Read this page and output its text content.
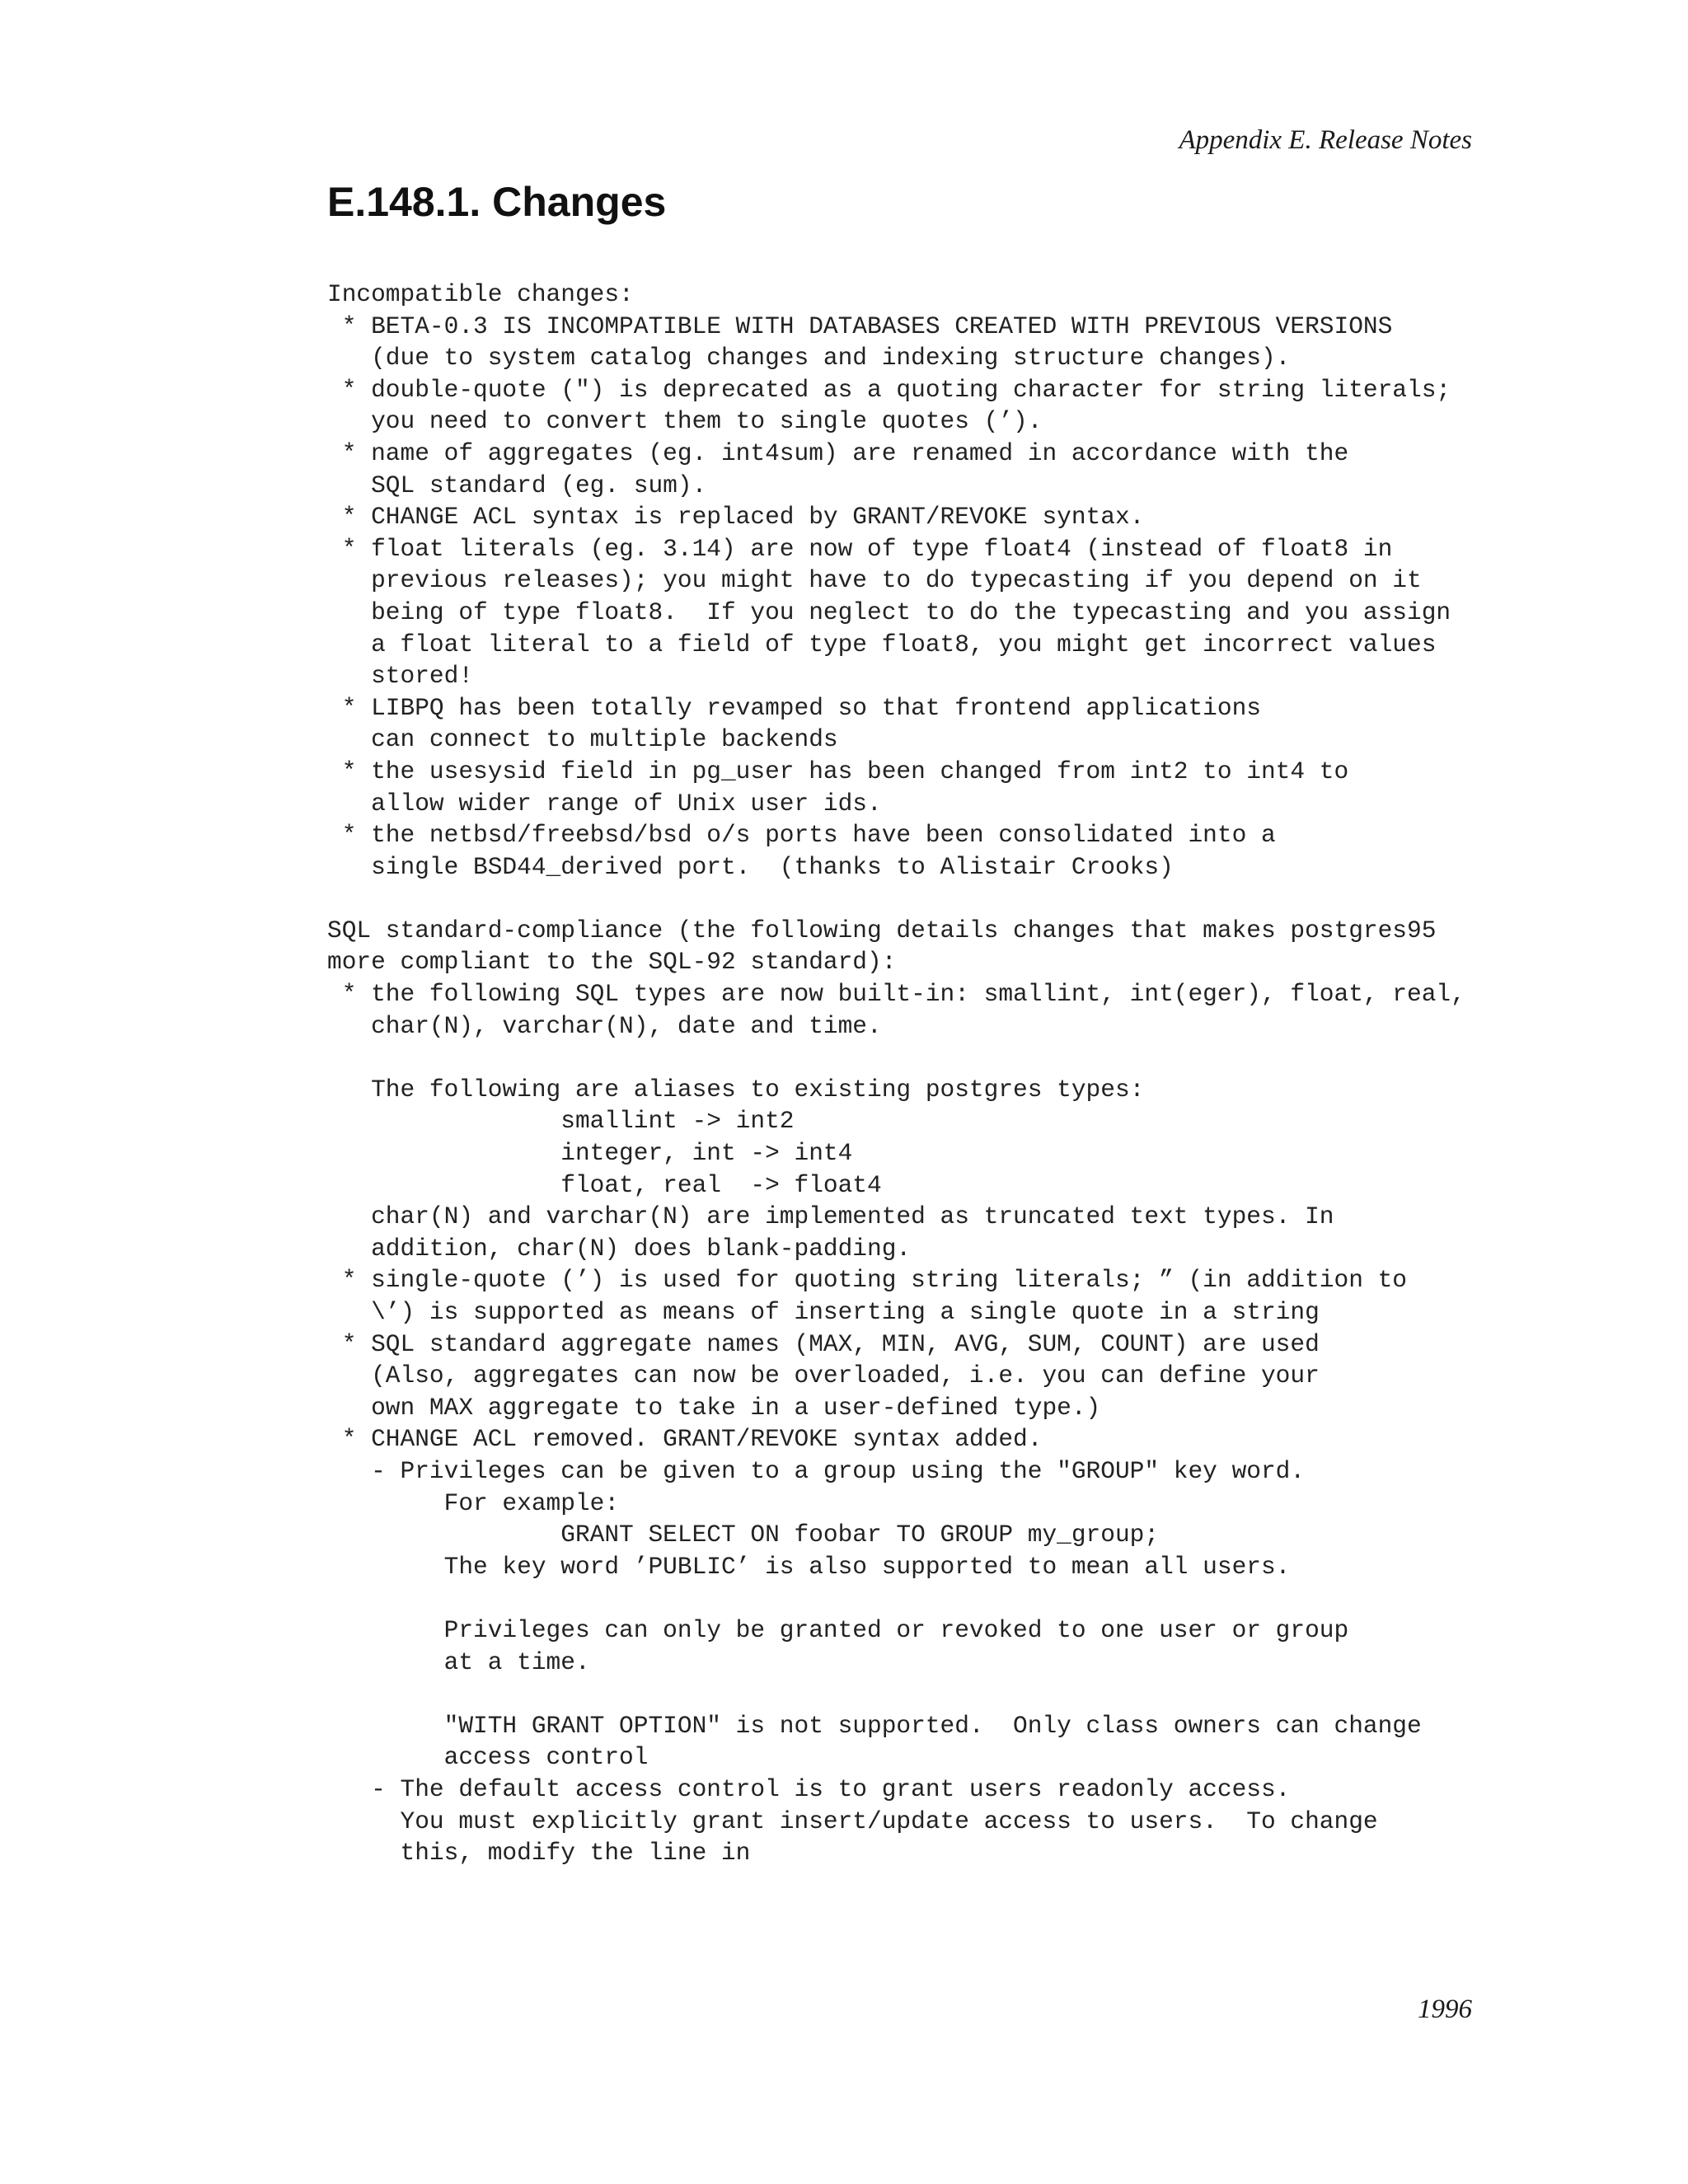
Appendix E. Release Notes
E.148.1. Changes
Incompatible changes:
* BETA-0.3 IS INCOMPATIBLE WITH DATABASES CREATED WITH PREVIOUS VERSIONS
(due to system catalog changes and indexing structure changes).
* double-quote (") is deprecated as a quoting character for string literals;
you need to convert them to single quotes (’).
* name of aggregates (eg. int4sum) are renamed in accordance with the
SQL standard (eg. sum).
* CHANGE ACL syntax is replaced by GRANT/REVOKE syntax.
* float literals (eg. 3.14) are now of type float4 (instead of float8 in
previous releases); you might have to do typecasting if you depend on it
being of type float8.  If you neglect to do the typecasting and you assign
a float literal to a field of type float8, you might get incorrect values
stored!
* LIBPQ has been totally revamped so that frontend applications
can connect to multiple backends
* the usesysid field in pg_user has been changed from int2 to int4 to
allow wider range of Unix user ids.
* the netbsd/freebsd/bsd o/s ports have been consolidated into a
single BSD44_derived port.  (thanks to Alistair Crooks)
SQL standard-compliance (the following details changes that makes postgres95
more compliant to the SQL-92 standard):
* the following SQL types are now built-in: smallint, int(eger), float, real,
char(N), varchar(N), date and time.
The following are aliases to existing postgres types:
smallint -> int2
integer, int -> int4
float, real  -> float4
char(N) and varchar(N) are implemented as truncated text types. In
addition, char(N) does blank-padding.
* single-quote (’) is used for quoting string literals; ” (in addition to
\’) is supported as means of inserting a single quote in a string
* SQL standard aggregate names (MAX, MIN, AVG, SUM, COUNT) are used
(Also, aggregates can now be overloaded, i.e. you can define your
own MAX aggregate to take in a user-defined type.)
* CHANGE ACL removed. GRANT/REVOKE syntax added.
- Privileges can be given to a group using the "GROUP" key word.
For example:
GRANT SELECT ON foobar TO GROUP my_group;
The key word ’PUBLIC’ is also supported to mean all users.
Privileges can only be granted or revoked to one user or group
at a time.
"WITH GRANT OPTION" is not supported.  Only class owners can change
access control
- The default access control is to grant users readonly access.
You must explicitly grant insert/update access to users.  To change
this, modify the line in
1996
